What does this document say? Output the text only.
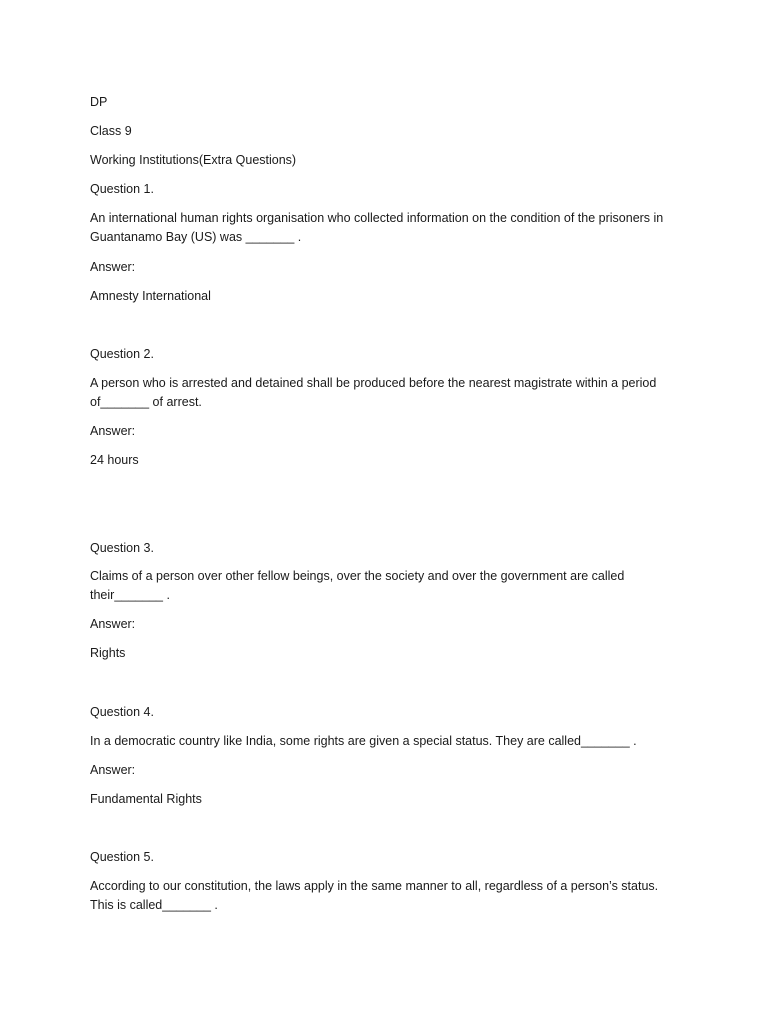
DP
Class 9
Working Institutions(Extra Questions)
Question 1.
An international human rights organisation who collected information on the condition of the prisoners in Guantanamo Bay (US) was _______ .
Answer:
Amnesty International
Question 2.
A person who is arrested and detained shall be produced before the nearest magistrate within a period of_______ of arrest.
Answer:
24 hours
Question 3.
Claims of a person over other fellow beings, over the society and over the government are called their_______ .
Answer:
Rights
Question 4.
In a democratic country like India, some rights are given a special status. They are called_______ .
Answer:
Fundamental Rights
Question 5.
According to our constitution, the laws apply in the same manner to all, regardless of a person’s status. This is called_______ .
